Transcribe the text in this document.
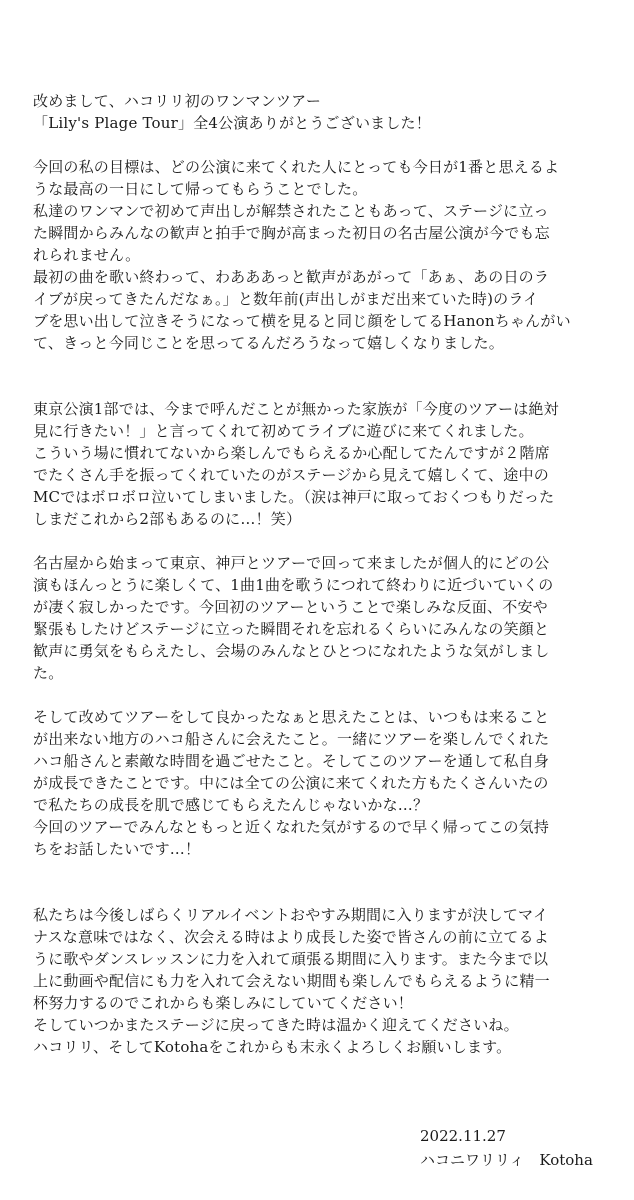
改めまして、ハコリリ初のワンマンツアー
「Lily's Plage Tour」全4公演ありがとうございました！
今回の私の目標は、どの公演に来てくれた人にとっても今日が1番と思えるよ
うな最高の一日にして帰ってもらうことでした。
私達のワンマンで初めて声出しが解禁されたこともあって、ステージに立っ
た瞬間からみんなの歓声と拍手で胸が高まった初日の名古屋公演が今でも忘
れられません。
最初の曲を歌い終わって、わあああっと歓声があがって「あぁ、あの日のラ
イブが戻ってきたんだなぁ。」と数年前(声出しがまだ出来ていた時)のライ
ブを思い出して泣きそうになって横を見ると同じ顔をしてるHanonちゃんがい
て、きっと今同じことを思ってるんだろうなって嬉しくなりました。
東京公演1部では、今まで呼んだことが無かった家族が「今度のツアーは絶対
見に行きたい！」と言ってくれて初めてライブに遊びに来てくれました。
こういう場に慣れてないから楽しんでもらえるか心配してたんですが２階席
でたくさん手を振ってくれていたのがステージから見えて嬉しくて、途中の
MCではボロボロ泣いてしまいました。（涙は神戸に取っておくつもりだった
しまだこれから2部もあるのに…！笑）
名古屋から始まって東京、神戸とツアーで回って来ましたが個人的にどの公
演もほんっとうに楽しくて、1曲1曲を歌うにつれて終わりに近づいていくの
が凄く寂しかったです。今回初のツアーということで楽しみな反面、不安や
緊張もしたけどステージに立った瞬間それを忘れるくらいにみんなの笑顔と
歓声に勇気をもらえたし、会場のみんなとひとつになれたような気がしまし
た。
そして改めてツアーをして良かったなぁと思えたことは、いつもは来ること
が出来ない地方のハコ船さんに会えたこと。一緒にツアーを楽しんでくれた
ハコ船さんと素敵な時間を過ごせたこと。そしてこのツアーを通して私自身
が成長できたことです。中には全ての公演に来てくれた方もたくさんいたの
で私たちの成長を肌で感じてもらえたんじゃないかな…？
今回のツアーでみんなともっと近くなれた気がするので早く帰ってこの気持
ちをお話したいです…！
私たちは今後しばらくリアルイベントおやすみ期間に入りますが決してマイ
ナスな意味ではなく、次会える時はより成長した姿で皆さんの前に立てるよ
うに歌やダンスレッスンに力を入れて頑張る期間に入ります。また今まで以
上に動画や配信にも力を入れて会えない期間も楽しんでもらえるように精一
杯努力するのでこれからも楽しみにしていてください！
そしていつかまたステージに戻ってきた時は温かく迎えてくださいね。
ハコリリ、そしてKotohaをこれからも末永くよろしくお願いします。
2022.11.27
ハコニワリリィ　Kotoha
